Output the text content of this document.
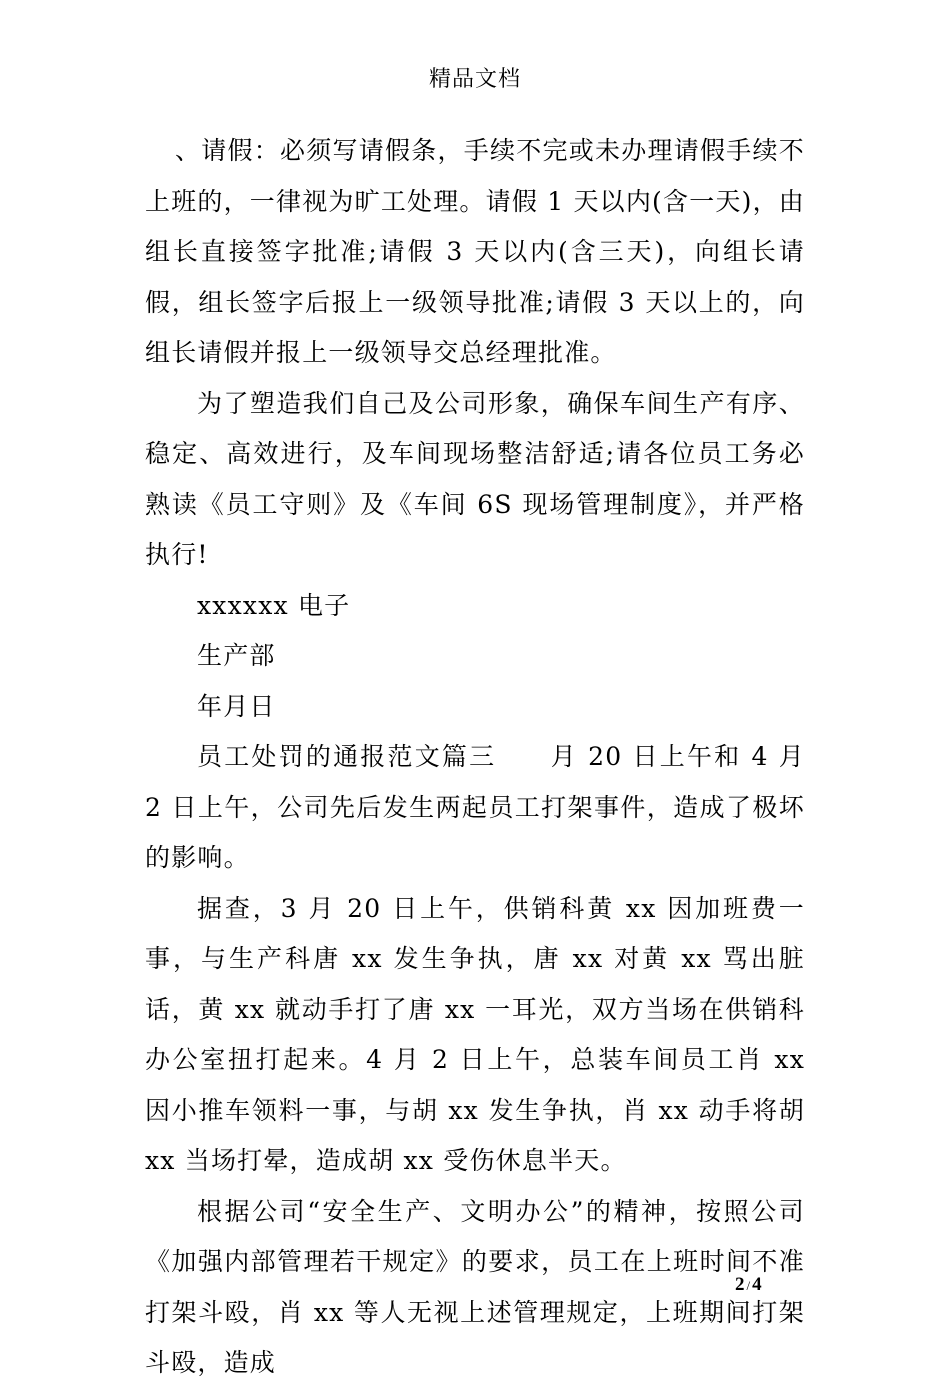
精品文档

、请假：必须写请假条，手续不完或未办理请假手续不上班的，一律视为旷工处理。请假 1 天以内(含一天)，由组长直接签字批准;请假 3 天以内(含三天)，向组长请假，组长签字后报上一级领导批准;请假 3 天以上的，向组长请假并报上一级领导交总经理批准。

为了塑造我们自己及公司形象，确保车间生产有序、稳定、高效进行，及车间现场整洁舒适;请各位员工务必熟读《员工守则》及《车间 6S 现场管理制度》，并严格执行!

xxxxxx 电子

生产部

年月日

员工处罚的通报范文篇三　　月 20 日上午和 4 月 2 日上午，公司先后发生两起员工打架事件，造成了极坏的影响。

据查，3 月 20 日上午，供销科黄 xx 因加班费一事，与生产科唐 xx 发生争执，唐 xx 对黄 xx 骂出脏话，黄 xx 就动手打了唐 xx 一耳光，双方当场在供销科办公室扭打起来。4 月 2 日上午，总装车间员工肖 xx 因小推车领料一事，与胡 xx 发生争执，肖 xx 动手将胡 xx 当场打晕，造成胡 xx 受伤休息半天。

根据公司“安全生产、文明办公”的精神，按照公司《加强内部管理若干规定》的要求，员工在上班时间不准打架斗殴，肖 xx 等人无视上述管理规定，上班期间打架斗殴，造成

2 / 4
